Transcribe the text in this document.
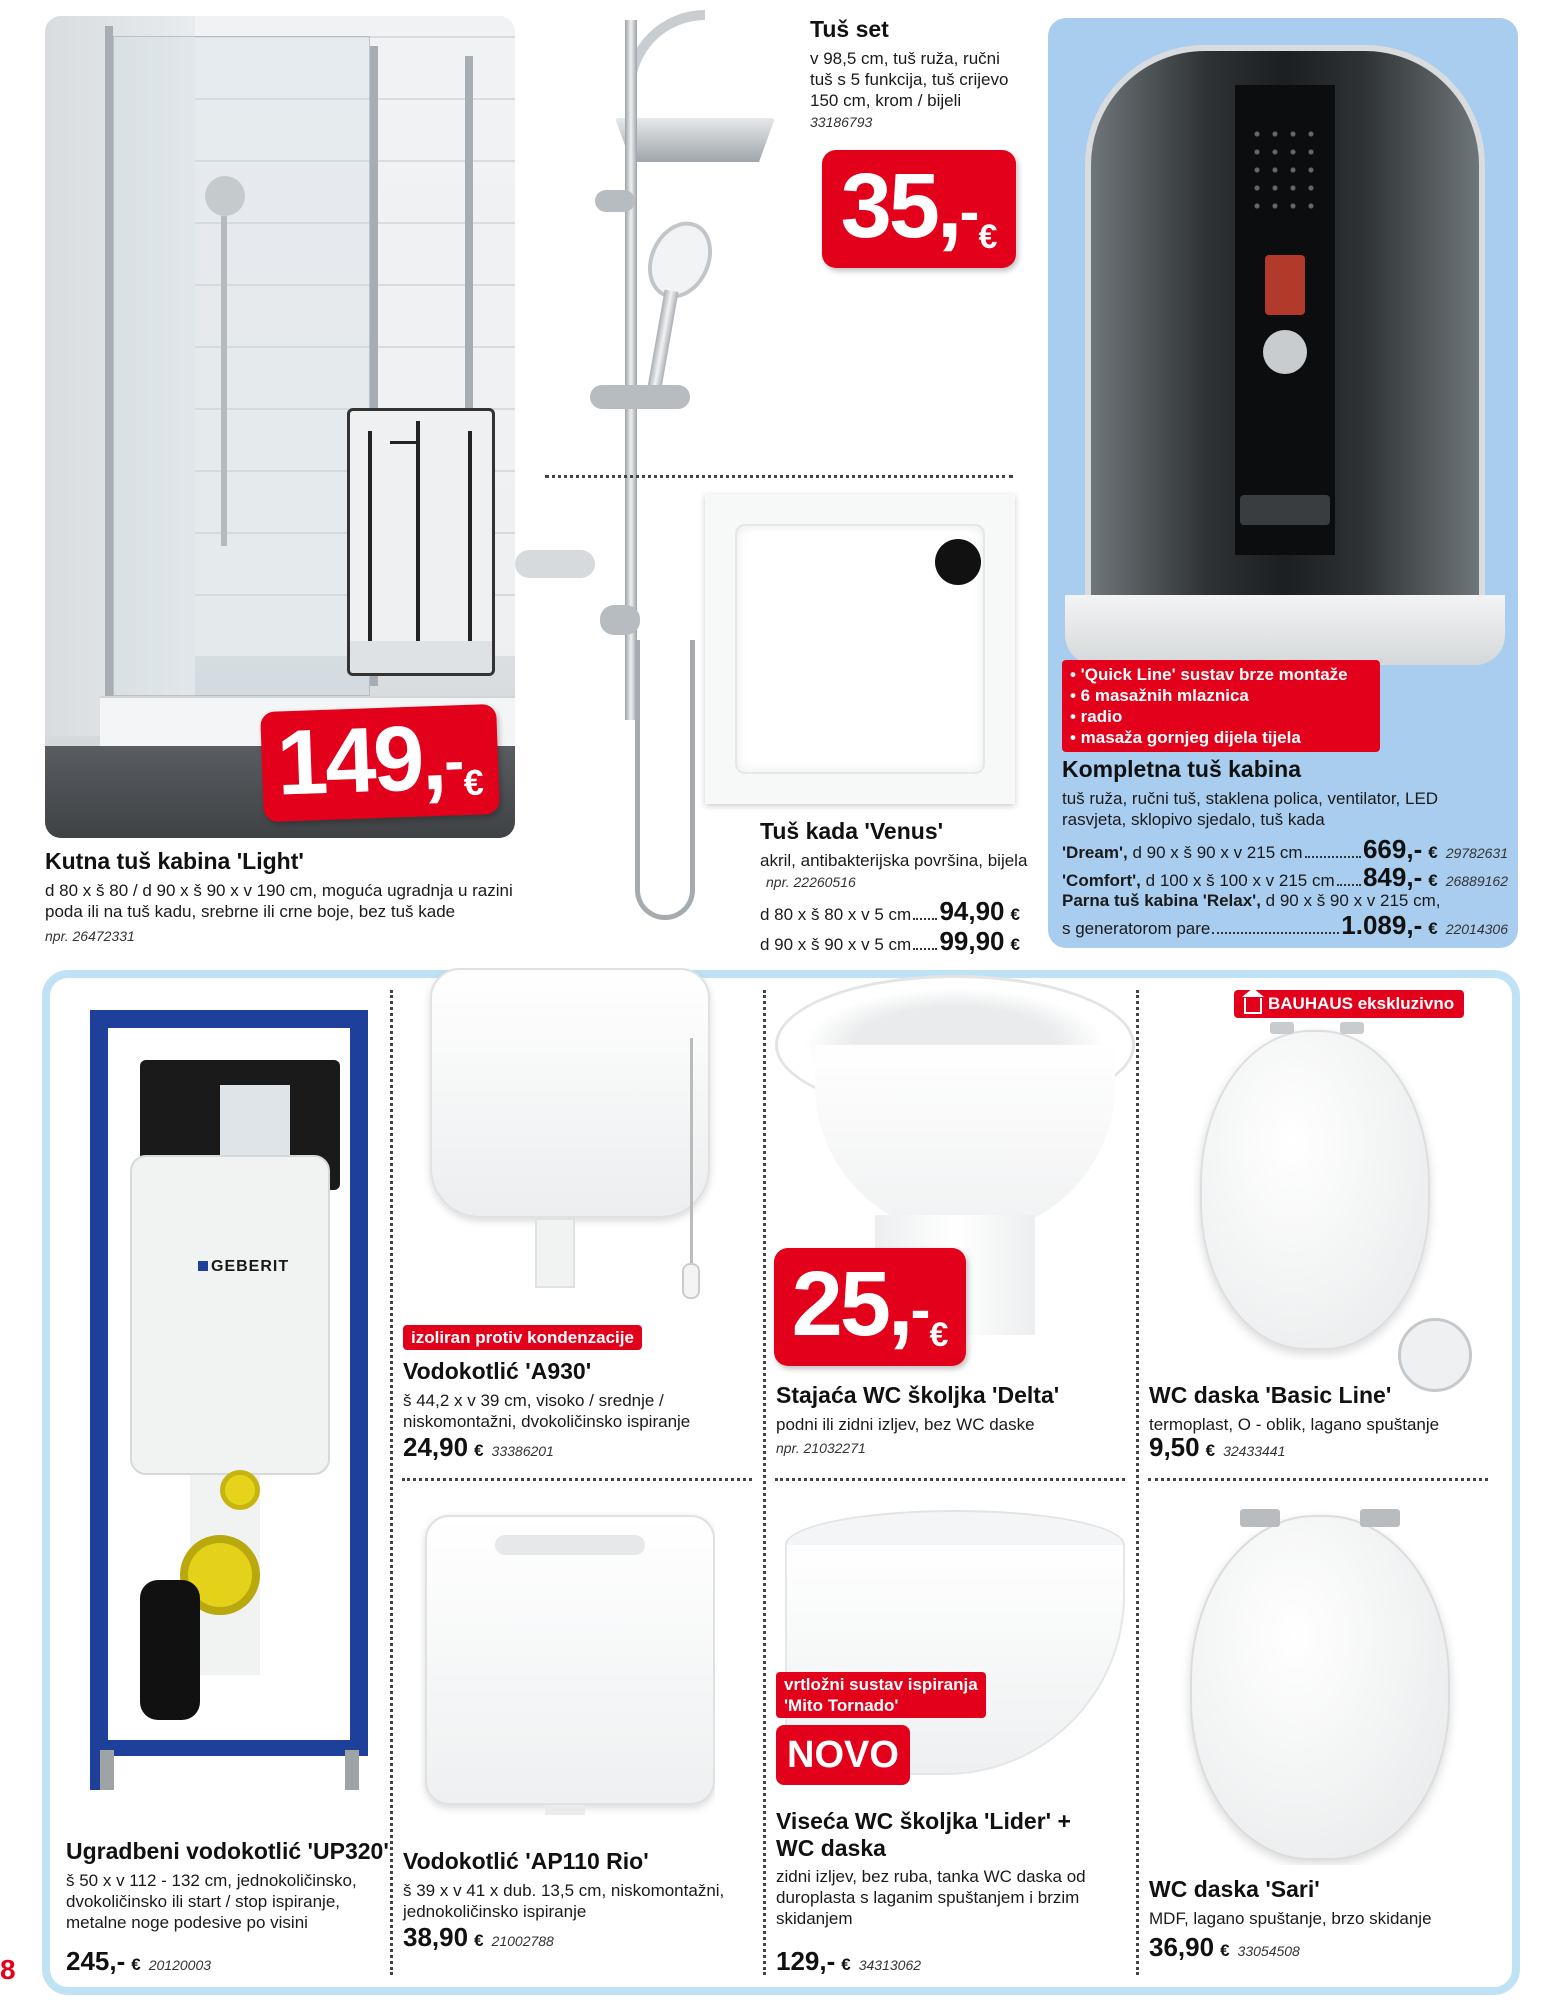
149,
- €
Kutna tuš kabina 'Light'
d 80 x š 80 / d 90 x š 90 x v 190 cm, moguća ugradnja u razini poda ili na tuš kadu, srebrne ili crne boje, bez tuš kade
npr. 26472331
Tuš set
v 98,5 cm, tuš ruža, ručni tuš s 5 funkcija, tuš crijevo 150 cm, krom / bijeli
33186793
35, - €
Tuš kada 'Venus'
akril, antibakterijska površina, bijela npr. 22260516
d 80 x š 80 x v 5 cm 94,90 €
d 90 x š 90 x v 5 cm 99,90 €
• 'Quick Line' sustav brze montaže
• 6 masažnih mlaznica
• radio
• masaža gornjeg dijela tijela
Kompletna tuš kabina
tuš ruža, ručni tuš, staklena polica, ventilator, LED rasvjeta, sklopivo sjedalo, tuš kada
'Dream', d 90 x š 90 x v 215 cm 669,- € 29782631
'Comfort', d 100 x š 100 x v 215 cm 849,- € 26889162
Parna tuš kabina 'Relax', d 90 x š 90 x v 215 cm,
s generatorom pare	1.089,- € 22014306
GEBERIT
Ugradbeni vodokotlić 'UP320'
š 50 x v 112 - 132 cm, jednokoličinsko, dvokoličinsko ili start / stop ispiranje, metalne noge podesive po visini
245,- € 20120003
izoliran protiv kondenzacije
Vodokotlić 'A930'
š 44,2 x v 39 cm, visoko / srednje / niskomontažni, dvokoličinsko ispiranje
24,90 € 33386201
25, - €
Stajaća WC školjka 'Delta'
podni ili zidni izljev, bez WC daske
npr. 21032271
BAUHAUS ekskluzivno
WC daska 'Basic Line'
termoplast, O - oblik, lagano spuštanje
9,50 € 32433441
Vodokotlić 'AP110 Rio'
š 39 x v 41 x dub. 13,5 cm, niskomontažni, jednokoličinsko ispiranje
38,90 € 21002788
vrtložni sustav ispiranja
'Mito Tornado'
NOVO
Viseća WC školjka 'Lider' +
WC daska
zidni izljev, bez ruba, tanka WC daska od duroplasta s laganim spuštanjem i brzim skidanjem
129,- € 34313062
WC daska 'Sari'
MDF, lagano spuštanje, brzo skidanje
36,90 € 33054508
8
